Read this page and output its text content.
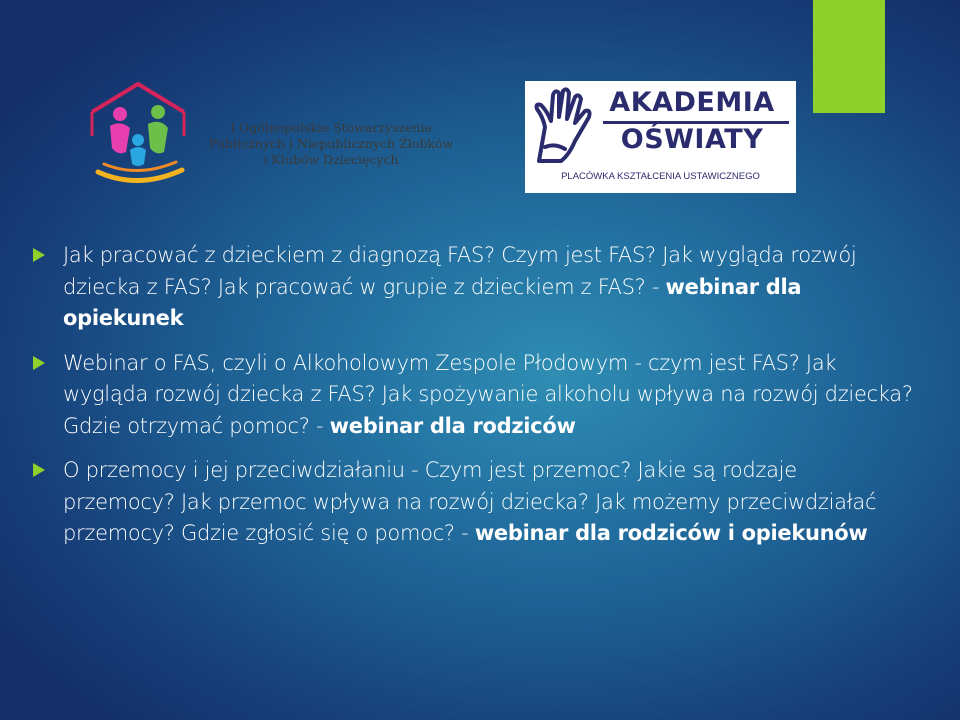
I Ogólnopolskie Stowarzyszenie
Publicznych i Niepublicznych Żłobków
i Klubów Dziecięcych
AKADEMIA
OŚWIATY
PLACÓWKA KSZTAŁCENIA USTAWICZNEGO
Jak pracować z dzieckiem z diagnozą FAS? Czym jest FAS? Jak wygląda rozwój dziecka z FAS? Jak pracować w grupie z dzieckiem z FAS? - webinar dla opiekunek
Webinar o FAS, czyli o Alkoholowym Zespole Płodowym - czym jest FAS? Jak wygląda rozwój dziecka z FAS? Jak spożywanie alkoholu wpływa na rozwój dziecka? Gdzie otrzymać pomoc? - webinar dla rodziców
O przemocy i jej przeciwdziałaniu - Czym jest przemoc? Jakie są rodzaje przemocy? Jak przemoc wpływa na rozwój dziecka? Jak możemy przeciwdziałać przemocy? Gdzie zgłosić się o pomoc? - webinar dla rodziców i opiekunów
